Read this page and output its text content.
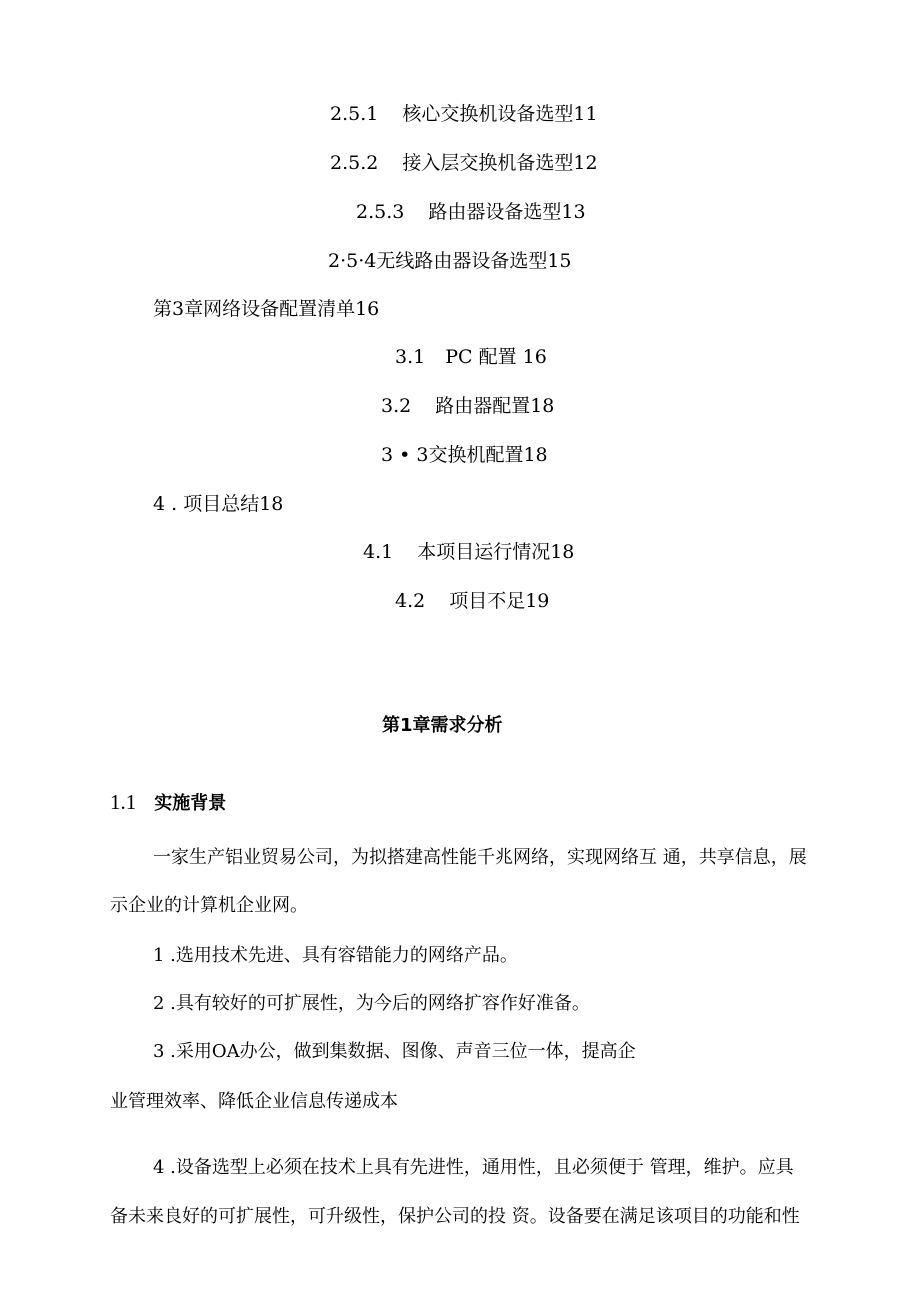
2.5.1 核心交换机设备选型11
2.5.2 接入层交换机备选型12
2.5.3 路由器设备选型13
2·5·4无线路由器设备选型15
第3章网络设备配置清单16
3.1 PC 配置 16
3.2 路由器配置18
3 • 3交换机配置18
4 . 项目总结18
4.1 本项目运行情况18
4.2 项目不足19
第1章需求分析
1.1 实施背景
一家生产铝业贸易公司，为拟搭建高性能千兆网络，实现网络互 通，共享信息，展
示企业的计算机企业网。
1 .选用技术先进、具有容错能力的网络产品。
2 .具有较好的可扩展性，为今后的网络扩容作好准备。
3 .采用OA办公，做到集数据、图像、声音三位一体，提高企
业管理效率、降低企业信息传递成本
4 .设备选型上必须在技术上具有先进性，通用性，且必须便于 管理，维护。应具
备未来良好的可扩展性，可升级性，保护公司的投 资。设备要在满足该项目的功能和性
